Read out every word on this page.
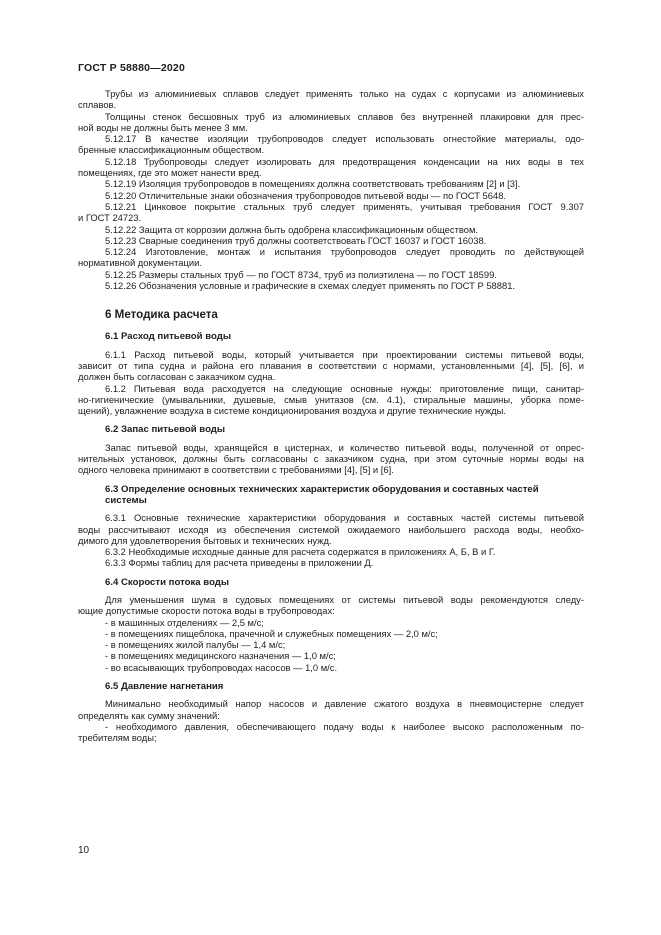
ГОСТ Р 58880—2020

Трубы из алюминиевых сплавов следует применять только на судах с корпусами из алюминиевых

сплавов.

Толщины стенок бесшовных труб из алюминиевых сплавов без внутренней плакировки для прес-

ной воды не должны быть менее 3 мм.

5.12.17 В качестве изоляции трубопроводов следует использовать огнестойкие материалы, одо-

бренные классификационным обществом.

5.12.18 Трубопроводы следует изолировать для предотвращения конденсации на них воды в тех

помещениях, где это может нанести вред.

5.12.19 Изоляция трубопроводов в помещениях должна соответствовать требованиям [2] и [3].

5.12.20 Отличительные знаки обозначения трубопроводов питьевой воды — по ГОСТ 5648.

5.12.21 Цинковое покрытие стальных труб следует применять, учитывая требования ГОСТ 9.307

и ГОСТ 24723.

5.12.22 Защита от коррозии должна быть одобрена классификационным обществом.

5.12.23 Сварные соединения труб должны соответствовать ГОСТ 16037 и ГОСТ 16038.

5.12.24 Изготовление, монтаж и испытания трубопроводов следует проводить по действующей

нормативной документации.

5.12.25 Размеры стальных труб — по ГОСТ 8734, труб из полиэтилена — по ГОСТ 18599.

5.12.26 Обозначения условные и графические в схемах следует применять по ГОСТ Р 58881.

6 Методика расчета
6.1 Расход питьевой воды

6.1.1 Расход питьевой воды, который учитывается при проектировании системы питьевой воды,

зависит от типа судна и района его плавания в соответствии с нормами, установленными [4], [5], [6], и

должен быть согласован с заказчиком судна.

6.1.2 Питьевая вода расходуется на следующие основные нужды: приготовление пищи, санитар-

но-гигиенические (умывальники, душевые, смыв унитазов (см. 4.1), стиральные машины, уборка поме-

щений), увлажнение воздуха в системе кондиционирования воздуха и другие технические нужды.

6.2 Запас питьевой воды

Запас питьевой воды, хранящейся в цистернах, и количество питьевой воды, полученной от опрес-

нительных установок, должны быть согласованы с заказчиком судна, при этом суточные нормы воды на

одного человека принимают в соответствии с требованиями [4], [5] и [6].

6.3 Определение основных технических характеристик оборудования и составных частей
системы

6.3.1 Основные технические характеристики оборудования и составных частей системы питьевой

воды рассчитывают исходя из обеспечения системой ожидаемого наибольшего расхода воды, необхо-

димого для удовлетворения бытовых и технических нужд.

6.3.2 Необходимые исходные данные для расчета содержатся в приложениях А, Б, В и Г.

6.3.3 Формы таблиц для расчета приведены в приложении Д.

6.4 Скорости потока воды

Для уменьшения шума в судовых помещениях от системы питьевой воды рекомендуются следу-

ющие допустимые скорости потока воды в трубопроводах:

- в машинных отделениях — 2,5 м/с;

- в помещениях пищеблока, прачечной и служебных помещениях — 2,0 м/с;

- в помещениях жилой палубы — 1,4 м/с;

- в помещениях медицинского назначения — 1,0 м/с;

- во всасывающих трубопроводах насосов — 1,0 м/с.

6.5 Давление нагнетания

Минимально необходимый напор насосов и давление сжатого воздуха в пневмоцистерне следует

определять как сумму значений:

- необходимого давления, обеспечивающего подачу воды к наиболее высоко расположенным по-

требителям воды;

10
